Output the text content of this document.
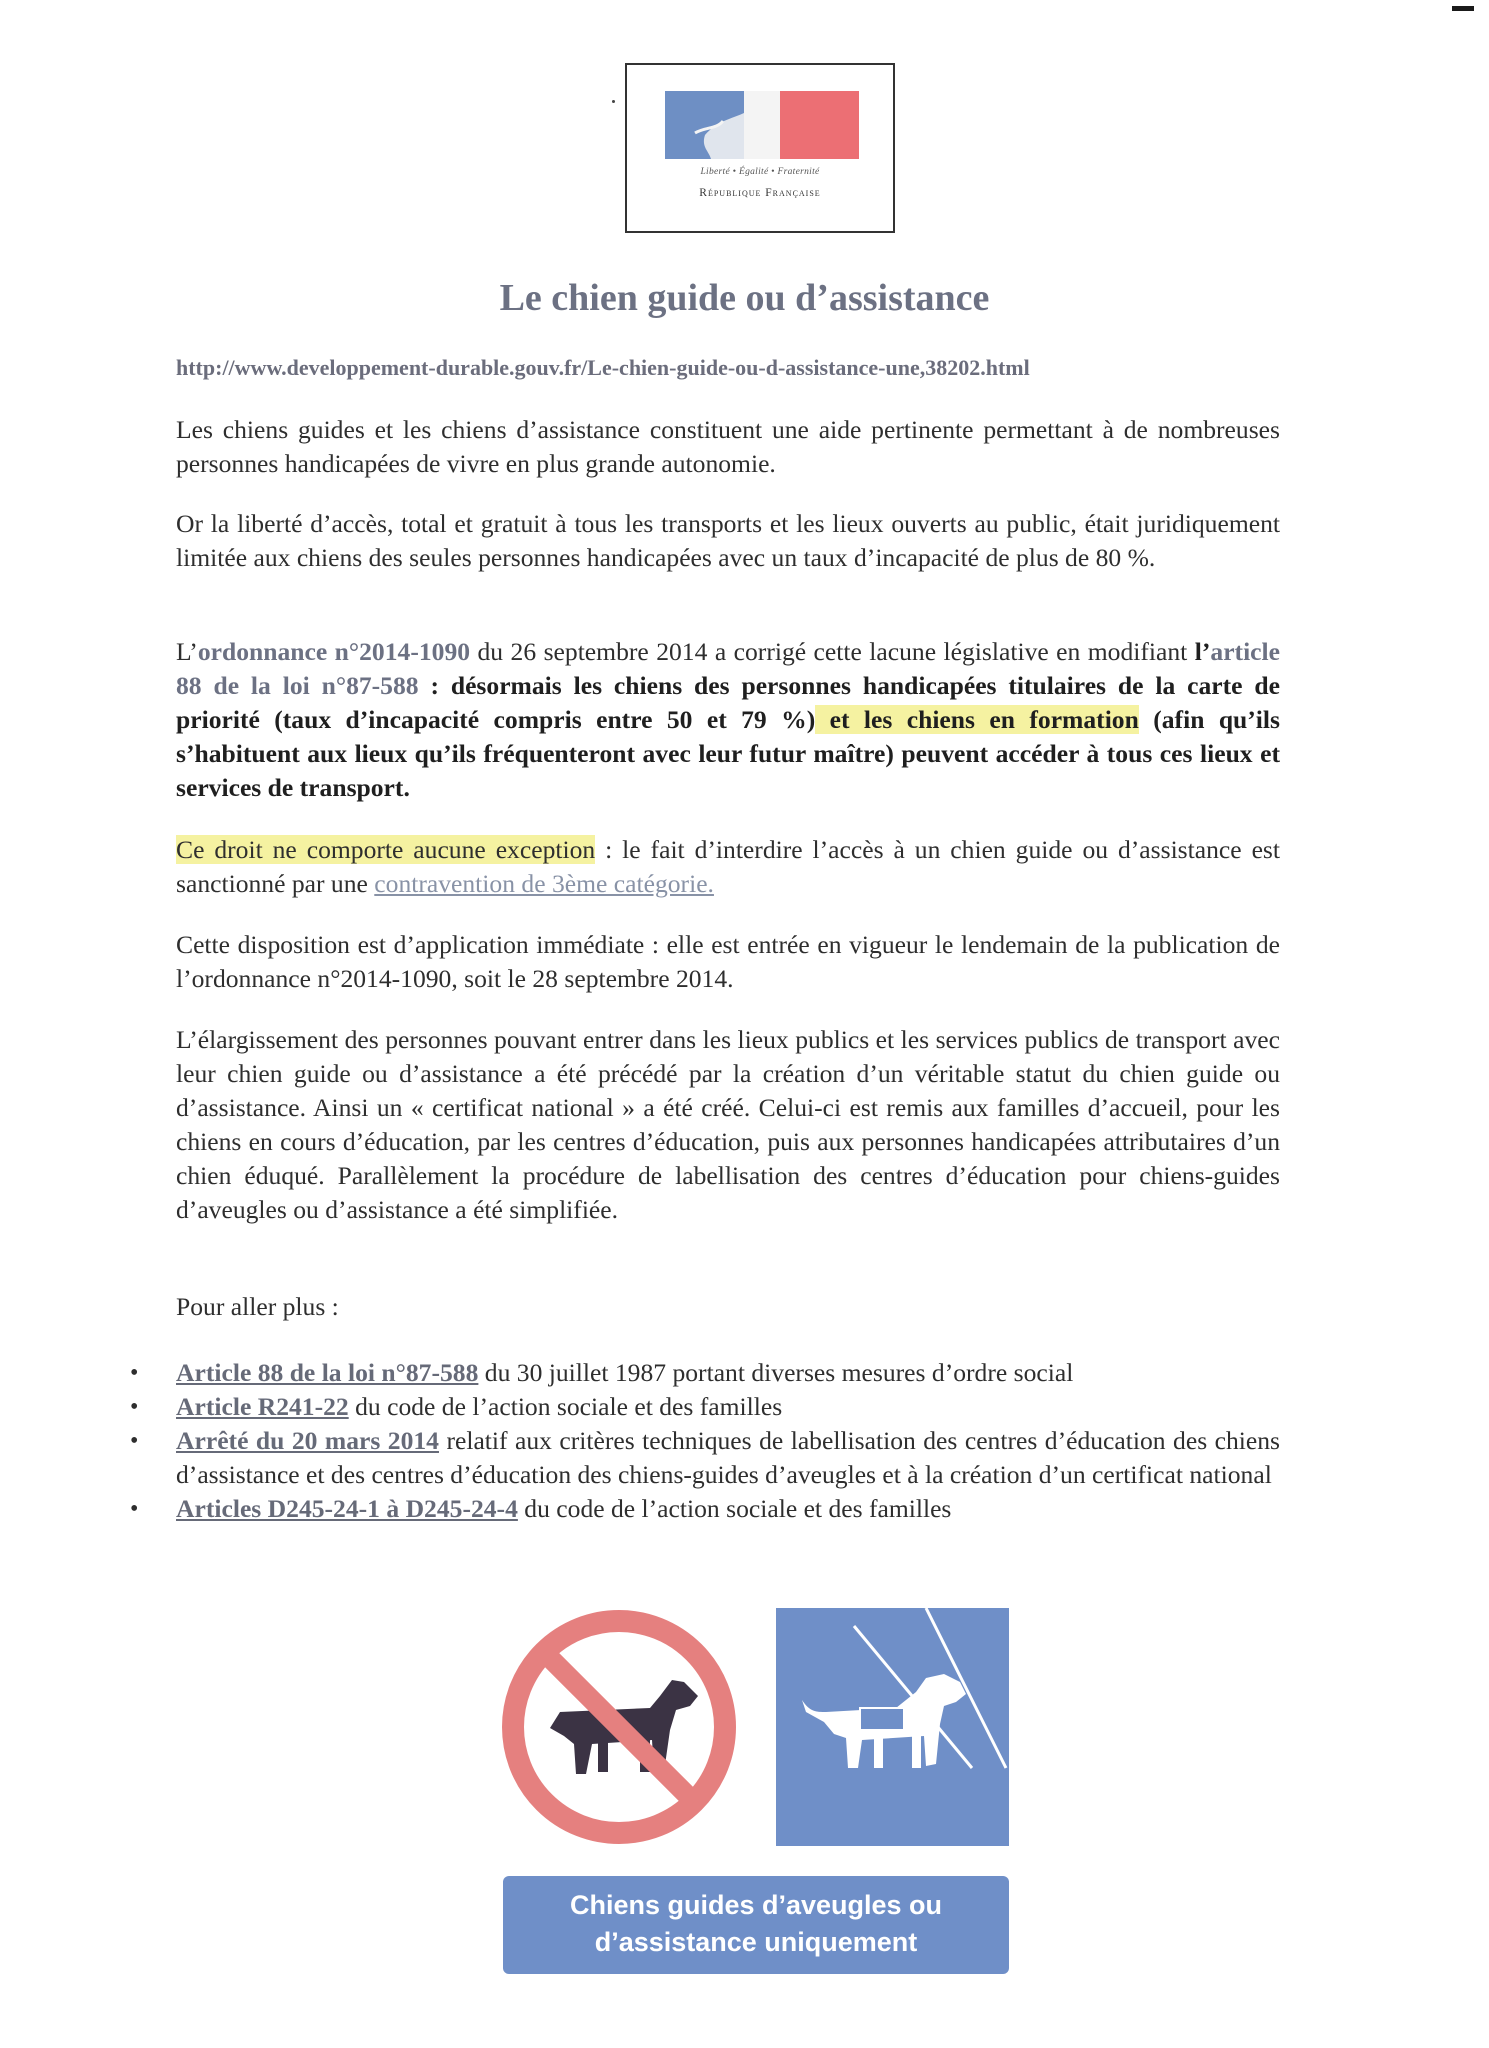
Liberté • Égalité • Fraternité
République Française
Le chien guide ou d’assistance
http://www.developpement-durable.gouv.fr/Le-chien-guide-ou-d-assistance-une,38202.html

Les chiens guides et les chiens d’assistance constituent une aide pertinente permettant à de nombreuses personnes handicapées de vivre en plus grande autonomie.

Or la liberté d’accès, total et gratuit à tous les transports et les lieux ouverts au public, était juridiquement limitée aux chiens des seules personnes handicapées avec un taux d’incapacité de plus de 80 %.

L’ordonnance n°2014-1090 du 26 septembre 2014 a corrigé cette lacune législative en modifiant l’article 88 de la loi n°87-588 : désormais les chiens des personnes handicapées titulaires de la carte de priorité (taux d’incapacité compris entre 50 et 79 %) et les chiens en formation (afin qu’ils s’habituent aux lieux qu’ils fréquenteront avec leur futur maître) peuvent accéder à tous ces lieux et services de transport.

Ce droit ne comporte aucune exception : le fait d’interdire l’accès à un chien guide ou d’assistance est sanctionné par une contravention de 3ème catégorie.

Cette disposition est d’application immédiate : elle est entrée en vigueur le lendemain de la publication de l’ordonnance n°2014-1090, soit le 28 septembre 2014.

L’élargissement des personnes pouvant entrer dans les lieux publics et les services publics de transport avec leur chien guide ou d’assistance a été précédé par la création d’un véritable statut du chien guide ou d’assistance. Ainsi un « certificat national » a été créé. Celui-ci est remis aux familles d’accueil, pour les chiens en cours d’éducation, par les centres d’éducation, puis aux personnes handicapées attributaires d’un chien éduqué. Parallèlement la procédure de labellisation des centres d’éducation pour chiens-guides d’aveugles ou d’assistance a été simplifiée.

Pour aller plus :

• Article 88 de la loi n°87-588 du 30 juillet 1987 portant diverses mesures d’ordre social
• Article R241-22 du code de l’action sociale et des familles
• Arrêté du 20 mars 2014 relatif aux critères techniques de labellisation des centres d’éducation des chiens d’assistance et des centres d’éducation des chiens-guides d’aveugles et à la création d’un certificat national
• Articles D245-24-1 à D245-24-4 du code de l’action sociale et des familles
Chiens guides d’aveugles ou
d’assistance uniquement
